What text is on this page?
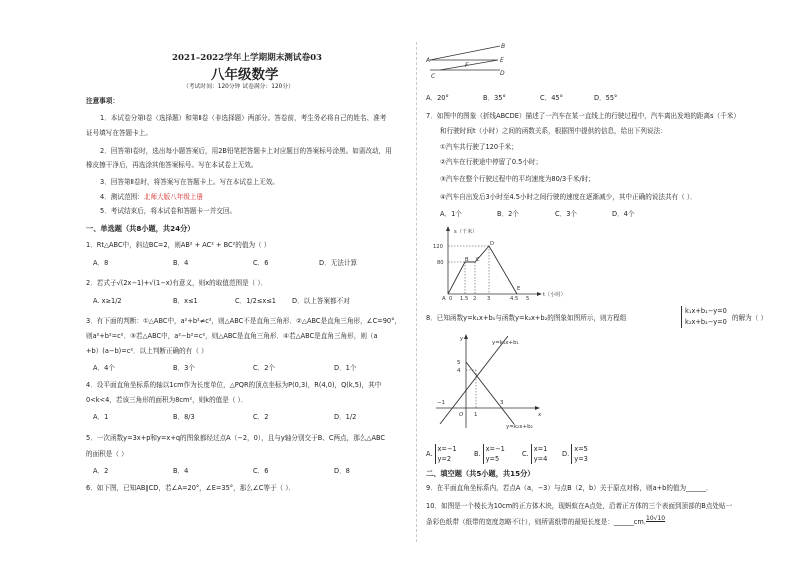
2021–2022学年上学期期末测试卷03
八年级数学
（考试时间：120分钟 试卷满分：120分）
注意事项：
1．本试卷分第Ⅰ卷（选择题）和第Ⅱ卷（非选择题）两部分。答卷前，考生务必将自己的姓名、准考
证号填写在答题卡上。
2．回答第Ⅰ卷时，选出每小题答案后，用2B铅笔把答题卡上对应题目的答案标号涂黑。如需改动，用
橡皮擦干净后，再选涂其他答案标号。写在本试卷上无效。
3．回答第Ⅱ卷时，将答案写在答题卡上。写在本试卷上无效。
4．测试范围：北师大版八年级上册
5．考试结束后，将本试卷和答题卡一并交回。
一、单选题（共8小题，共24分）
1．Rt△ABC中，斜边BC=2，则AB² + AC² + BC²的值为（ ）
A．8	B．4	C．6	D．无法计算
2．若式子√(2x−1)+√(1−x)有意义，则x的取值范围是（ ）．
A. x≥1/2	B．x≤1	C．1/2≤x≤1 D．以上答案都不对
3．有下面的判断：①△ABC中，a²+b²≠c²，则△ABC不是直角三角形．②△ABC是直角三角形，∠C=90°，
则a²+b²=c²．③若△ABC中，a²−b²=c²，则△ABC是直角三角形．④若△ABC是直角三角形，则（a
+b）(a−b)=c²．以上判断正确的有（ ）
A．4个	B．3个	C．2个	D．1个
4．设平面直角坐标系的轴以1cm作为长度单位，△PQR的顶点坐标为P(0,3)，R(4,0)，Q(k,5)，其中
0<k<4，若该三角形的面积为8cm²，则k的值是（ ）．
A．1	B．8/3	C．2	D．1/2
5．一次函数y=3x+p和y=x+q的图象都经过点A（−2，0），且与y轴分别交于B、C两点，那么△ABC
的面积是（ ）
A．2	B．4	C．6	D．8
6．如下图，已知AB∥CD，若∠A=20°，∠E=35°，那么∠C等于（ ）．
A
B
C	D
E
F
A．20°	B．35°	C．45°	D．55°
7．如图中的图象（折线ABCDE）描述了一汽车在某一直线上的行驶过程中，汽车离出发地的距离s（千米）
和行驶时间t（小时）之间的函数关系，根据图中提供的信息，给出下列说法：
①汽车共行驶了120千米；
②汽车在行驶途中停留了0.5小时；
③汽车在整个行驶过程中的平均速度为80/3千米/时；
④汽车自出发后3小时至4.5小时之间行驶的速度在逐渐减少，其中正确的说法共有（ ）．
A．1个	B．2个	C．3个	D．4个
s（千米）
t（小时）
120
80
A 0 1.5 2 3	4.5 5
B C
D
E
8．已知函数y=k₁x+b₁与函数y=k₂x+b₂的图象如图所示，则方程组
k₁x+b₁−y=0
k₂x+b₂−y=0 的解为（ ）
x
y
y=k₁x+b₁
y=k₂x+b₂
5
4
−1
O 1
3
A.
x=−1
y=2
B.
x=−1
y=5
C.
x=1
y=4
D.
x=5
y=3
二、填空题（共5小题，共15分）
9．在平面直角坐标系内，若点A（a，−3）与点B（2，b）关于原点对称，则a+b的值为______．
10．如图是一个棱长为10cm的正方体木块，现蚂蚁在A点处，沿着正方体的三个表面到顶部的B点处贴一
条彩色纸带（纸带的宽度忽略不计），则所需纸带的最短长度是：______cm．
10√10
